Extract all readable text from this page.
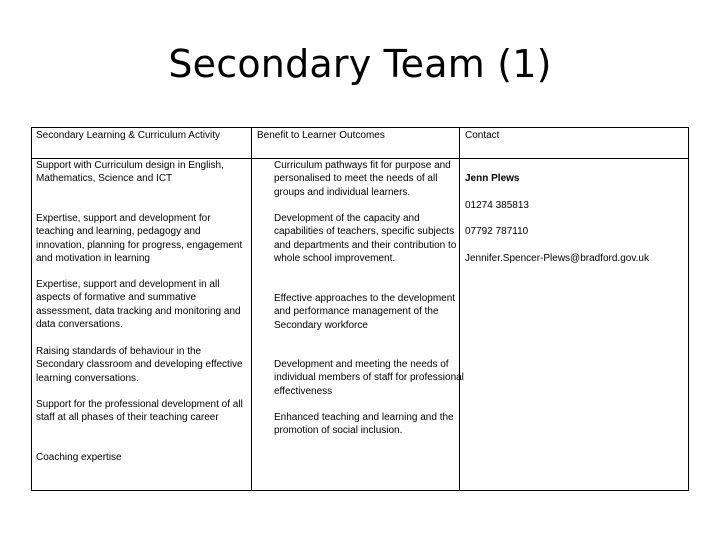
Secondary Team (1)
Secondary Learning & Curriculum Activity	Benefit to Learner Outcomes	Contact
Support with Curriculum design in English, Mathematics, Science and ICT
Expertise, support and development for teaching and learning, pedagogy and innovation, planning for progress, engagement and motivation in learning
Expertise, support and development in all aspects of formative and summative assessment, data tracking and monitoring and data conversations.
Raising standards of behaviour in the Secondary classroom and developing effective learning conversations.
Support for the professional development of all staff at all phases of their teaching career
Coaching expertise
Curriculum pathways fit for purpose and personalised to meet the needs of all groups and individual learners.
Development of the capacity and capabilities of teachers, specific subjects and departments and their contribution to whole school improvement.
Effective approaches to the development and performance management of the Secondary workforce
Development and meeting the needs of individual members of staff for professional effectiveness
Enhanced teaching and learning and the promotion of social inclusion.
Jenn Plews
01274 385813
07792 787110
Jennifer.Spencer-Plews@bradford.gov.uk
